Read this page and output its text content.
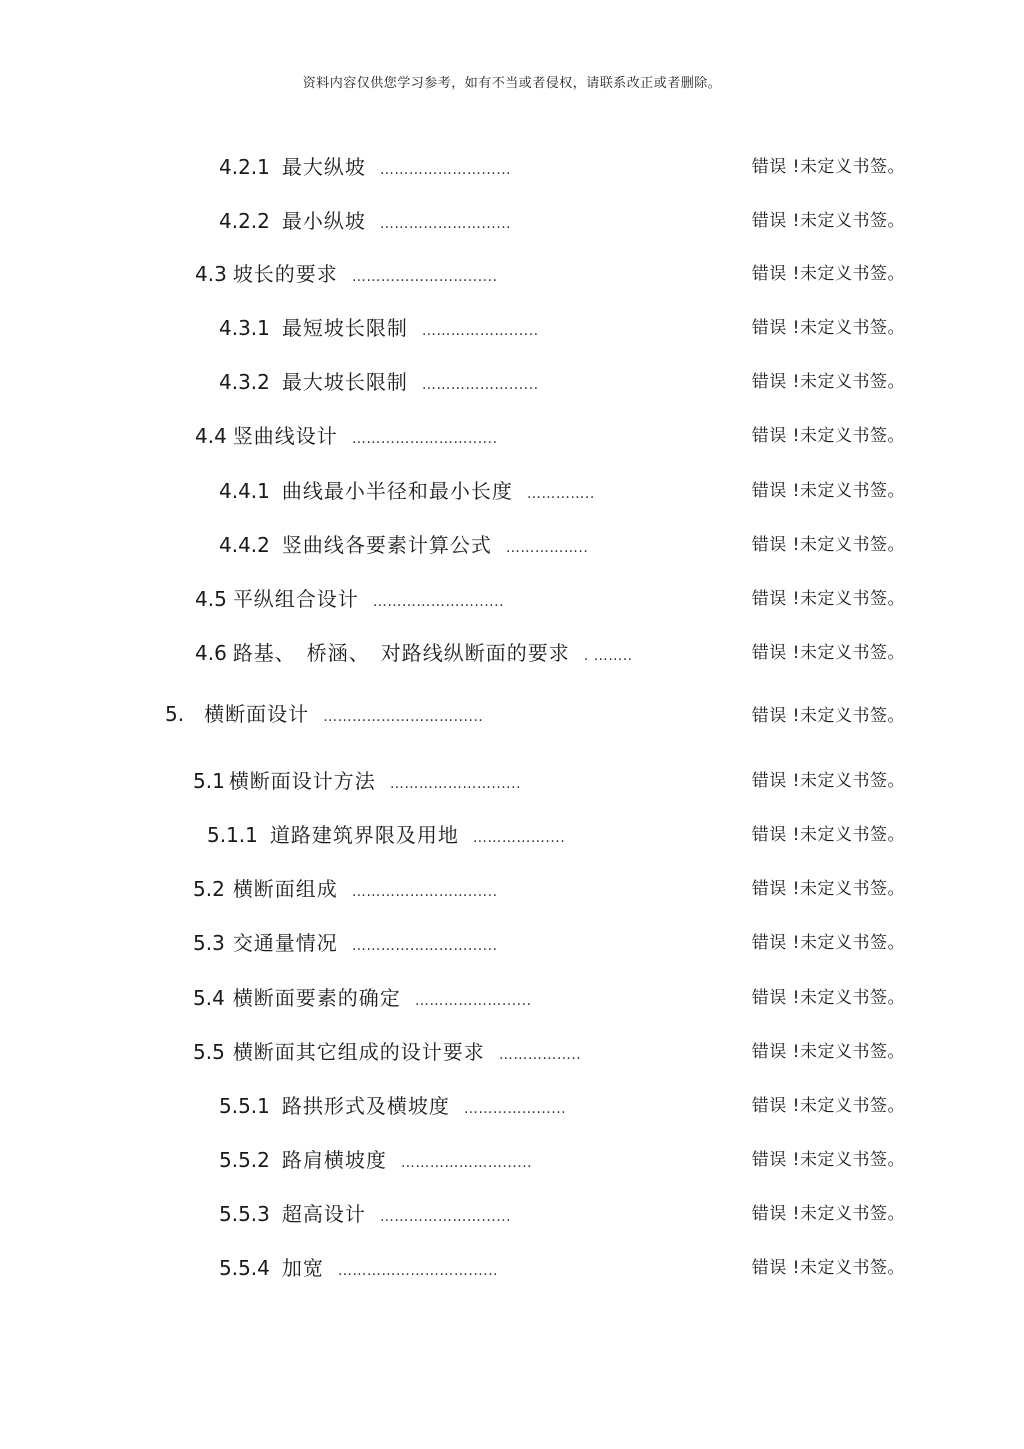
资料内容仅供您学习参考，如有不当或者侵权，请联系改正或者删除。
4.2.1 最大纵坡 …………………......	错误 !未定义书签。
4.2.2 最小纵坡 …………………......	错误 !未定义书签。
4.3 坡长的要求 ……………………......	错误 !未定义书签。
4.3.1 最短坡长限制 ………………......	错误 !未定义书签。
4.3.2 最大坡长限制 ………………......	错误 !未定义书签。
4.4 竖曲线设计 ……………………......	错误 !未定义书签。
4.4.1 曲线最小半径和最小长度 …………..	错误 !未定义书签。
4.4.2 竖曲线各要素计算公式 ……………..	错误 !未定义书签。
4.5 平纵组合设计 …………………......	错误 !未定义书签。
4.6 路基、　桥涵、　对路线纵断面的要求 . ……..	错误 !未定义书签。
5. 横断面设计 ………………………......	错误 !未定义书签。
5.1 横断面设计方法 …………………......	错误 !未定义书签。
5.1.1 道路建筑界限及用地 ……………....	错误 !未定义书签。
5.2 横断面组成 ……………………......	错误 !未定义书签。
5.3 交通量情况 ……………………......	错误 !未定义书签。
5.4 横断面要素的确定 ………………......	错误 !未定义书签。
5.5 横断面其它组成的设计要求 ……………..	错误 !未定义书签。
5.5.1 路拱形式及横坡度 ……………......	错误 !未定义书签。
5.5.2 路肩横坡度 …………………......	错误 !未定义书签。
5.5.3 超高设计 …………………......	错误 !未定义书签。
5.5.4 加宽 ………………………......	错误 !未定义书签。
